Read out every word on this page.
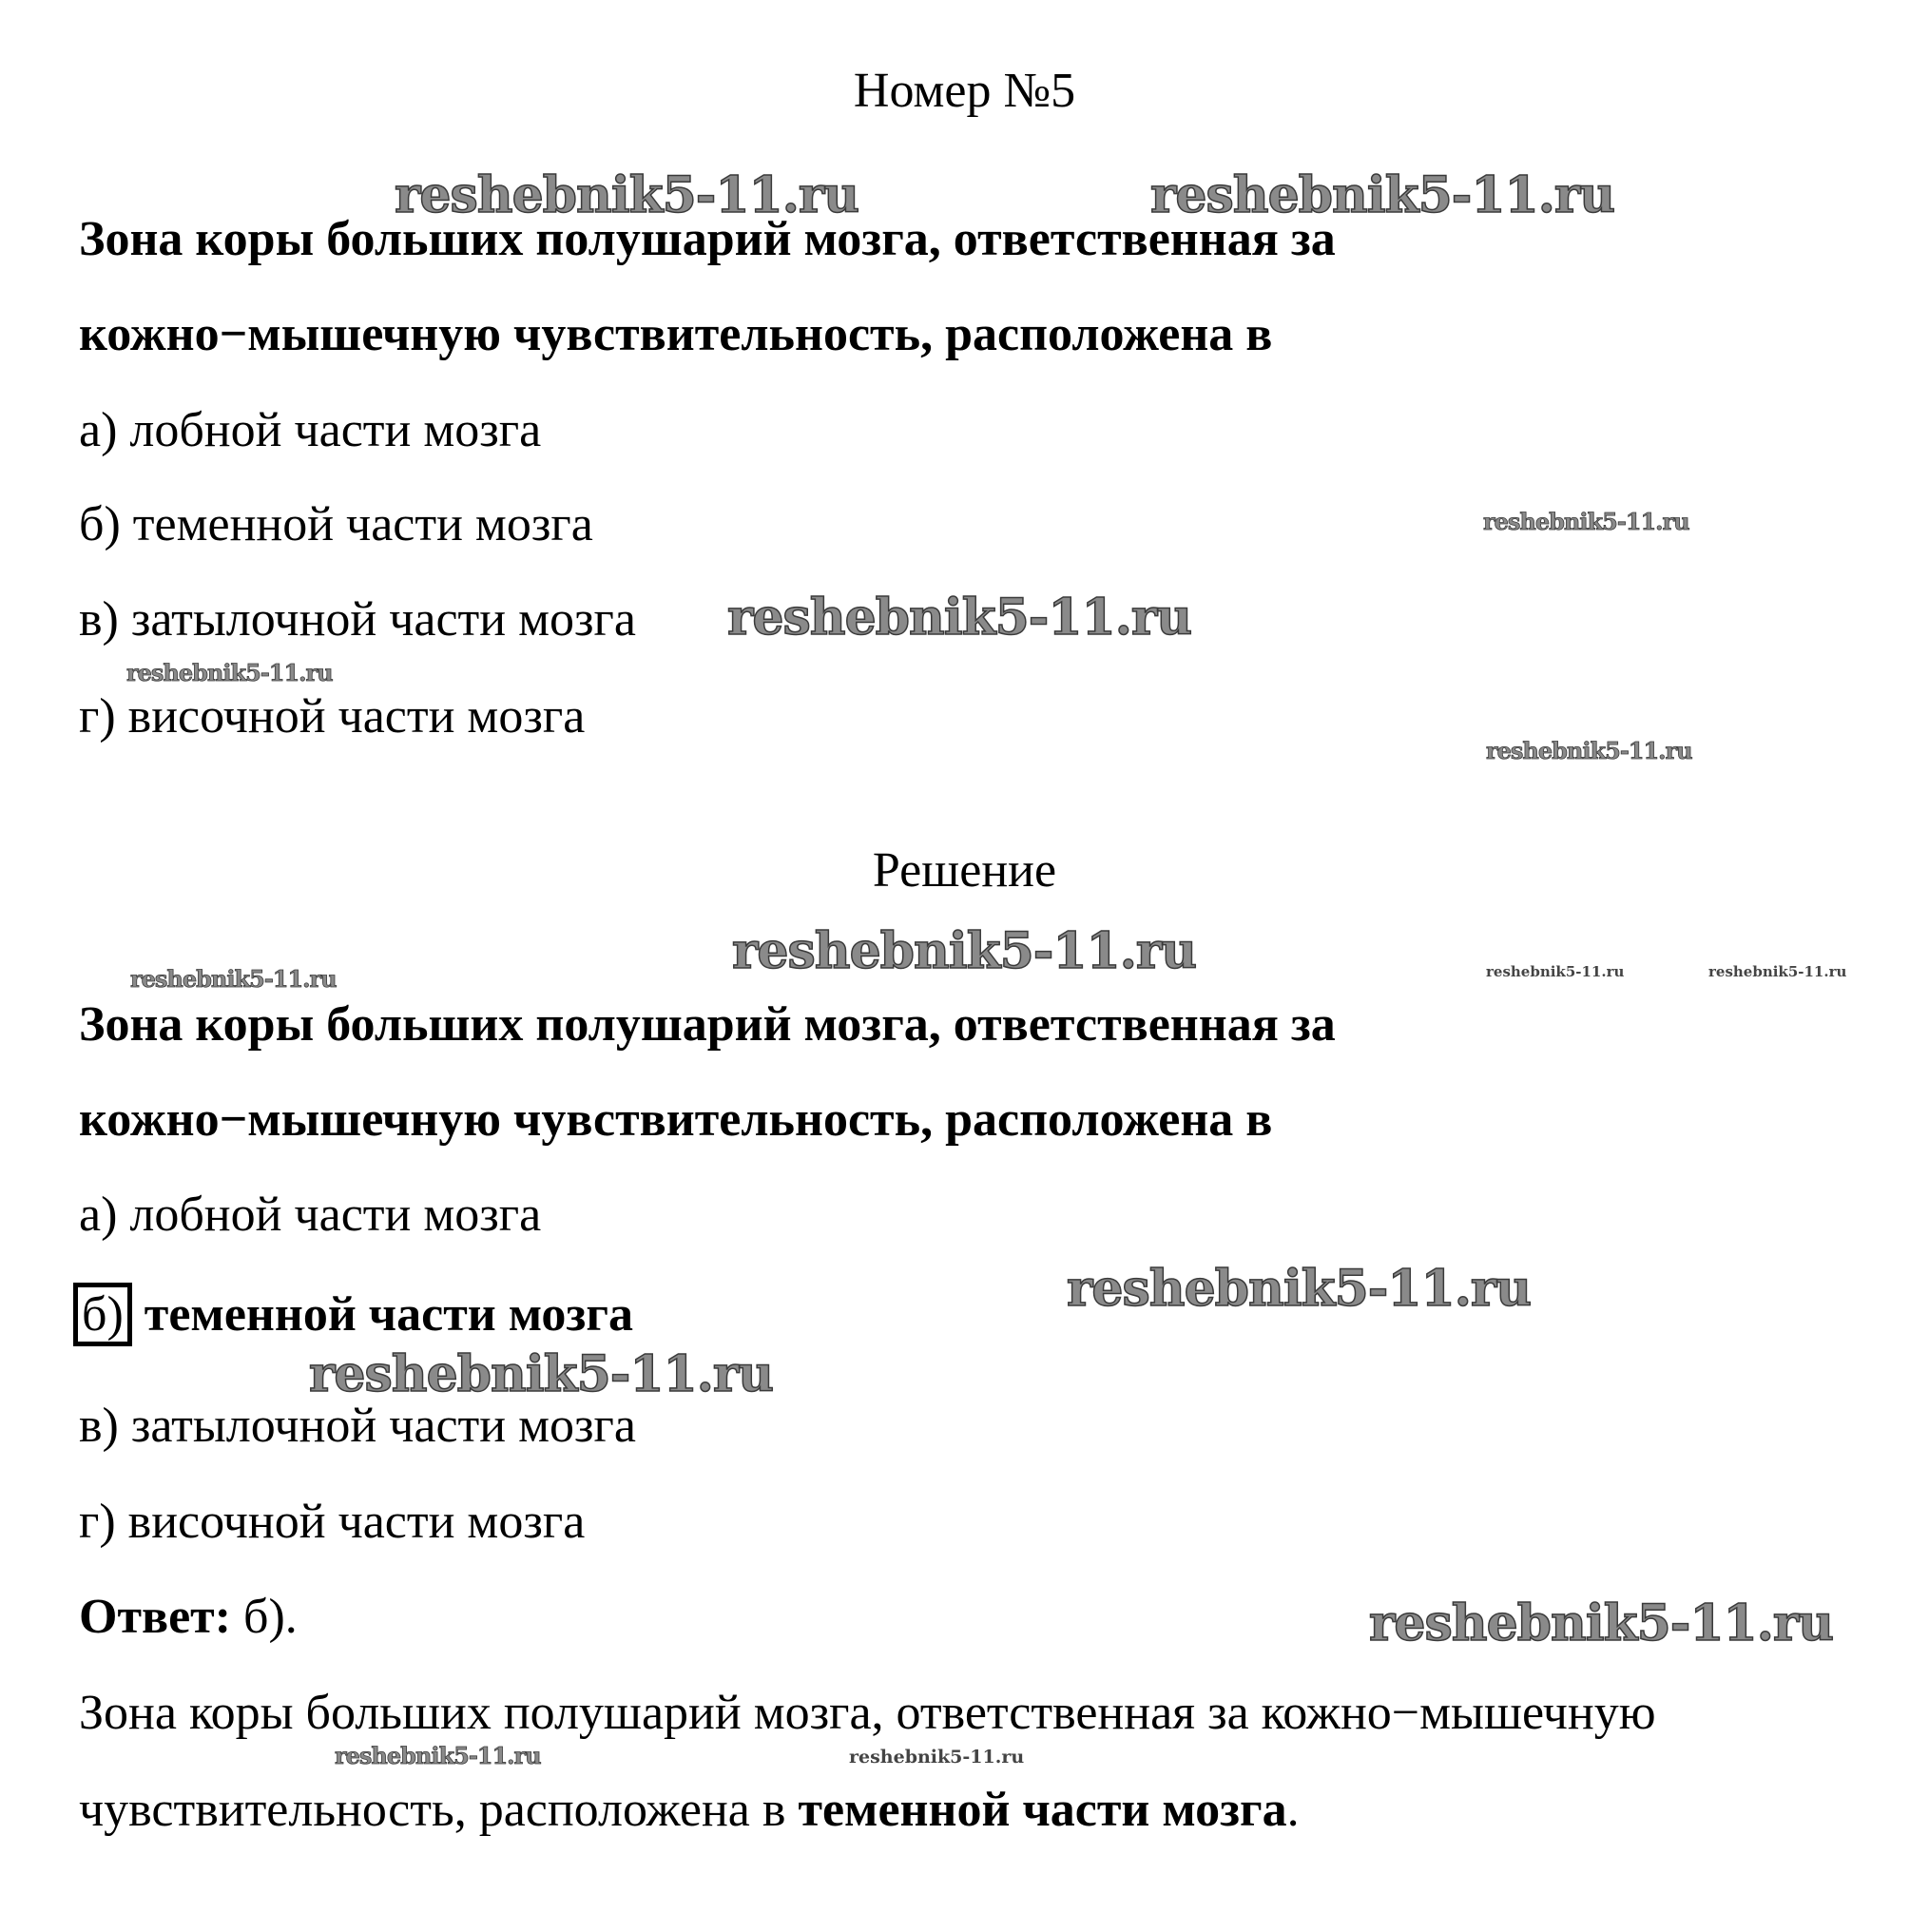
Номер №5
Зона коры больших полушарий мозга, ответственная за
кожно−мышечную чувствительность, расположена в
а) лобной части мозга
б) теменной части мозга
в) затылочной части мозга
г) височной части мозга
Решение
Зона коры больших полушарий мозга, ответственная за
кожно−мышечную чувствительность, расположена в
а) лобной части мозга
б) теменной части мозга
в) затылочной части мозга
г) височной части мозга
Ответ: б).
Зона коры больших полушарий мозга, ответственная за кожно−мышечную
чувствительность, расположена в теменной части мозга.
reshebnik5-11.ru	reshebnik5-11.ru
reshebnik5-11.ru
reshebnik5-11.ru
reshebnik5-11.ru
reshebnik5-11.ru
reshebnik5-11.ru
reshebnik5-11.ru	reshebnik5-11.ru	reshebnik5-11.ru
reshebnik5-11.ru
reshebnik5-11.ru
reshebnik5-11.ru
reshebnik5-11.ru	reshebnik5-11.ru
